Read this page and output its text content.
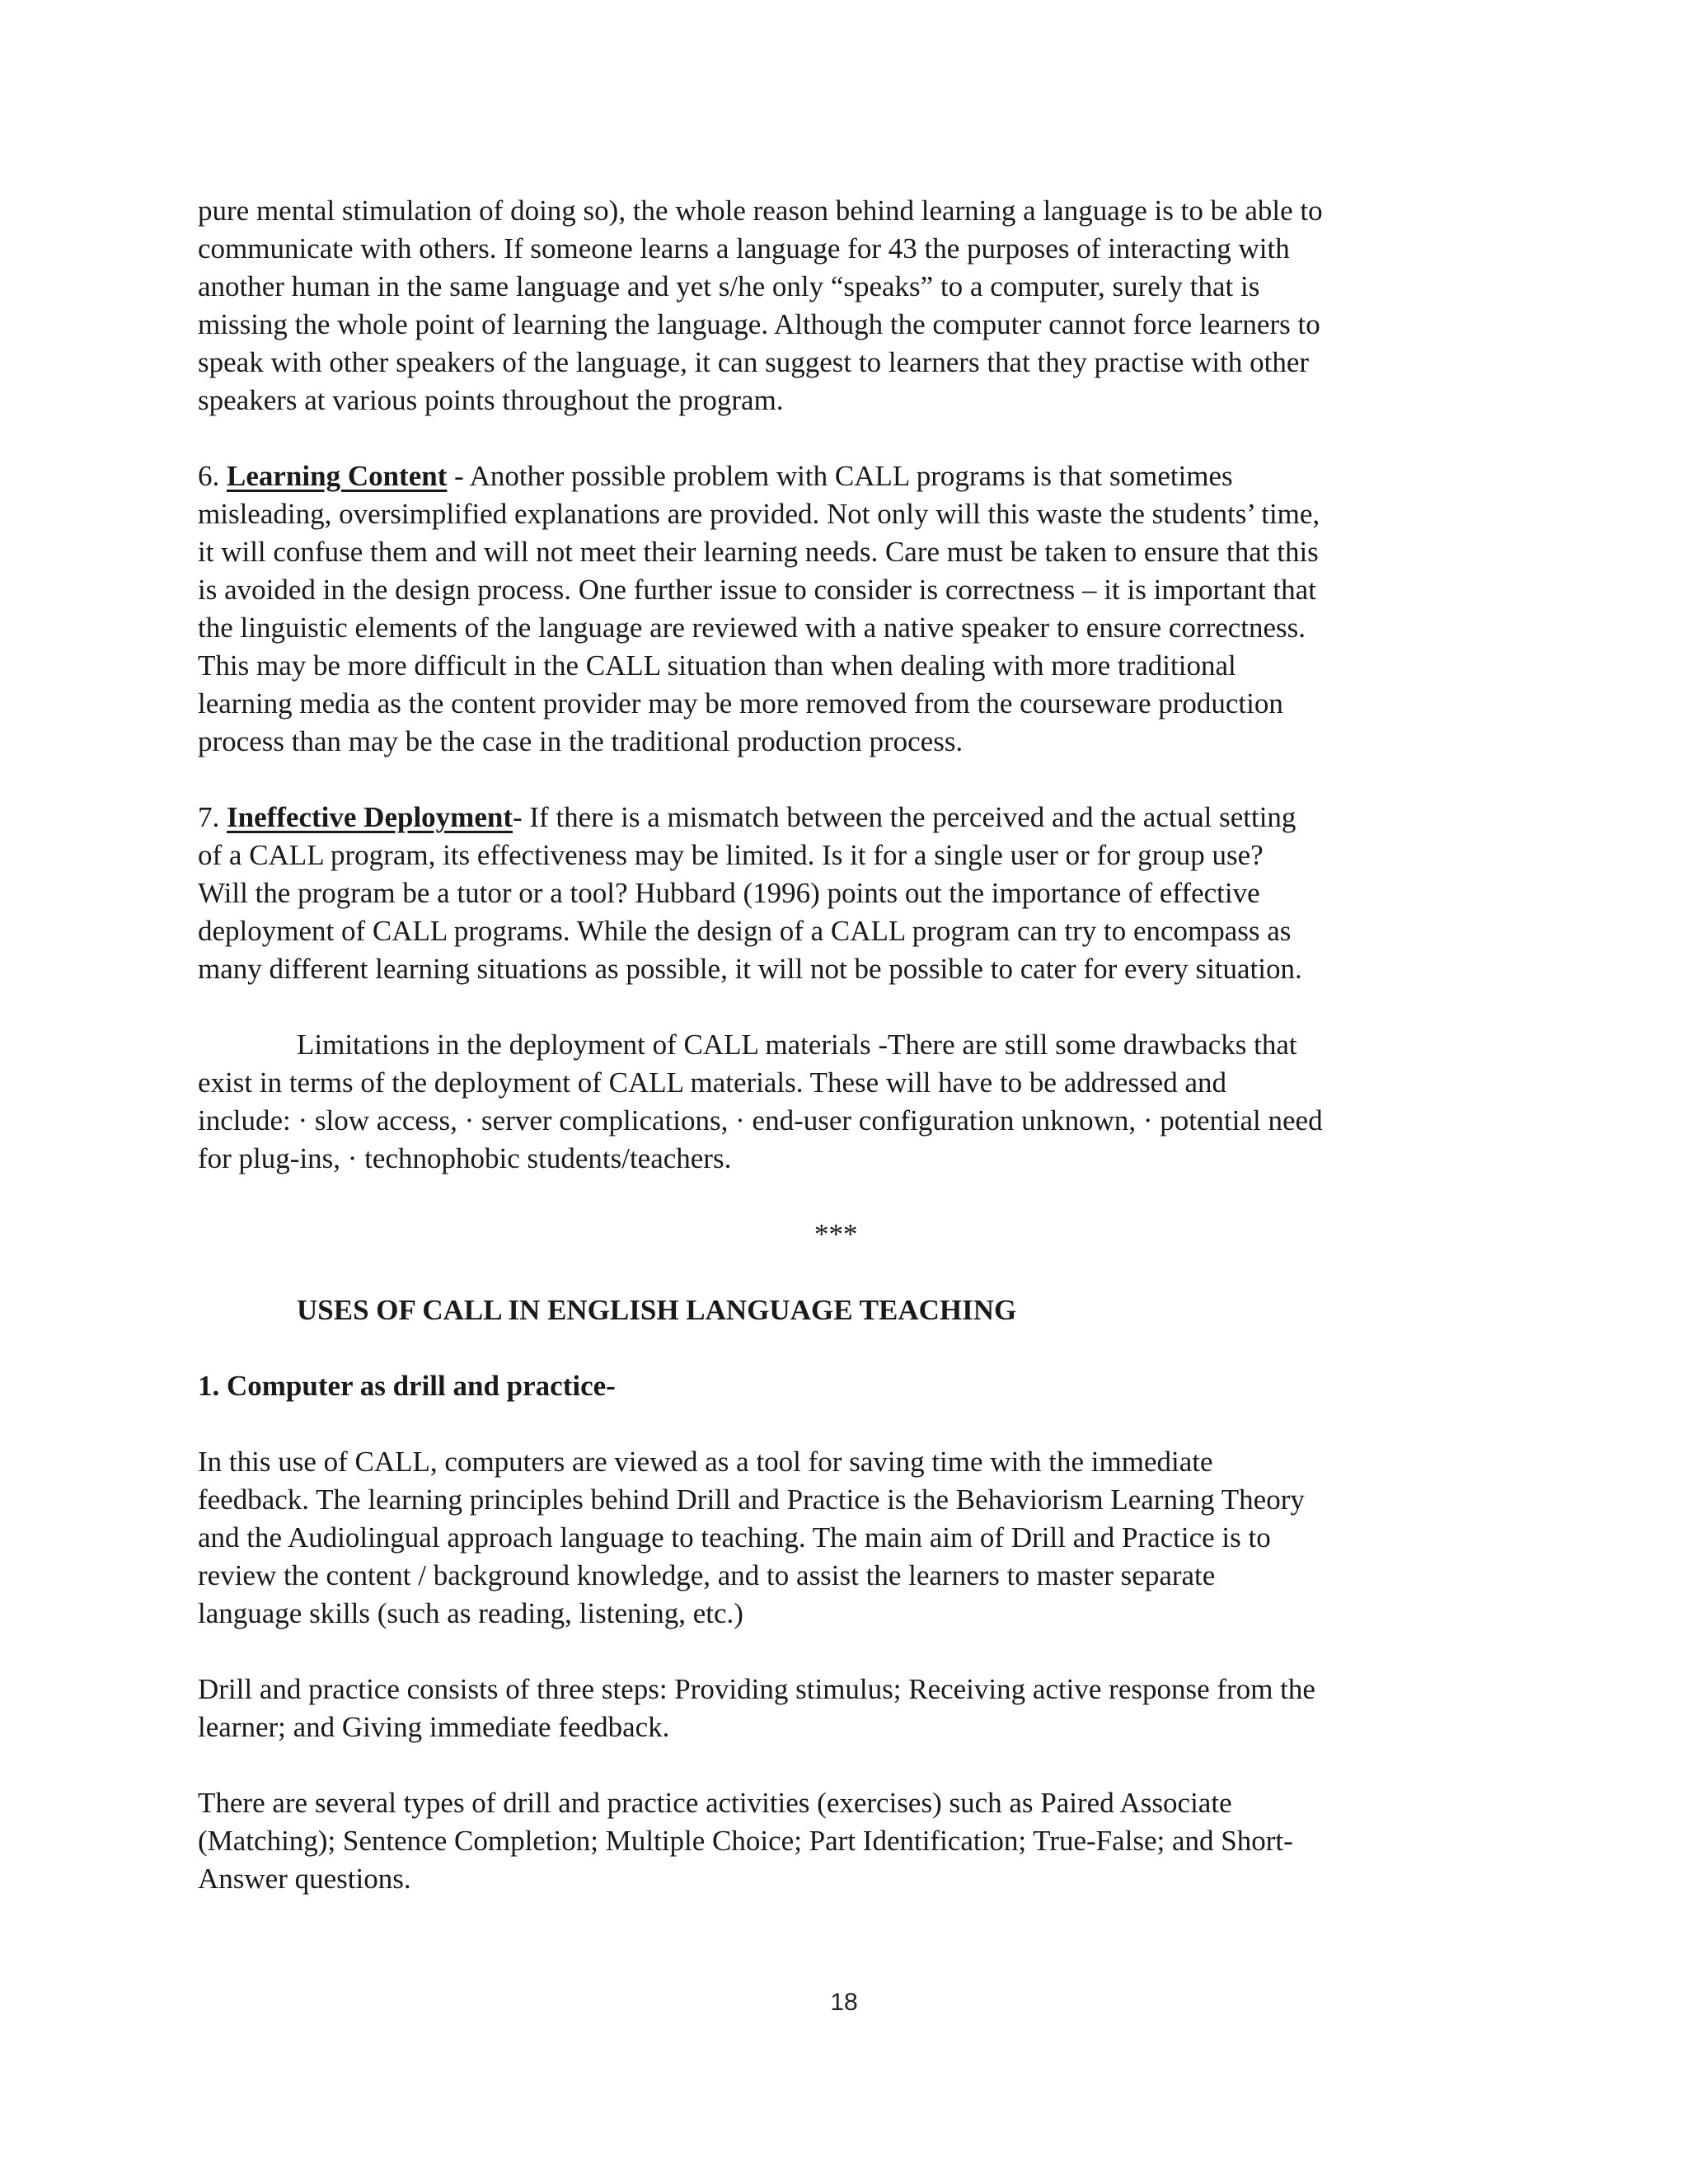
pure mental stimulation of doing so), the whole reason behind learning a language is to be able to
communicate with others. If someone learns a language for 43 the purposes of interacting with
another human in the same language and yet s/he only “speaks” to a computer, surely that is
missing the whole point of learning the language. Although the computer cannot force learners to
speak with other speakers of the language, it can suggest to learners that they practise with other
speakers at various points throughout the program.

6. Learning Content - Another possible problem with CALL programs is that sometimes
misleading, oversimplified explanations are provided. Not only will this waste the students’ time,
it will confuse them and will not meet their learning needs. Care must be taken to ensure that this
is avoided in the design process. One further issue to consider is correctness – it is important that
the linguistic elements of the language are reviewed with a native speaker to ensure correctness.
This may be more difficult in the CALL situation than when dealing with more traditional
learning media as the content provider may be more removed from the courseware production
process than may be the case in the traditional production process.

7. Ineffective Deployment- If there is a mismatch between the perceived and the actual setting
of a CALL program, its effectiveness may be limited. Is it for a single user or for group use?
Will the program be a tutor or a tool? Hubbard (1996) points out the importance of effective
deployment of CALL programs. While the design of a CALL program can try to encompass as
many different learning situations as possible, it will not be possible to cater for every situation.

Limitations in the deployment of CALL materials -There are still some drawbacks that
exist in terms of the deployment of CALL materials. These will have to be addressed and
include: · slow access, · server complications, · end-user configuration unknown, · potential need
for plug-ins, · technophobic students/teachers.

***

USES OF CALL IN ENGLISH LANGUAGE TEACHING
1. Computer as drill and practice-

In this use of CALL, computers are viewed as a tool for saving time with the immediate
feedback. The learning principles behind Drill and Practice is the Behaviorism Learning Theory
and the Audiolingual approach language to teaching. The main aim of Drill and Practice is to
review the content / background knowledge, and to assist the learners to master separate
language skills (such as reading, listening, etc.)

Drill and practice consists of three steps: Providing stimulus; Receiving active response from the
learner; and Giving immediate feedback.

There are several types of drill and practice activities (exercises) such as Paired Associate
(Matching); Sentence Completion; Multiple Choice; Part Identification; True-False; and Short-
Answer questions.

18
